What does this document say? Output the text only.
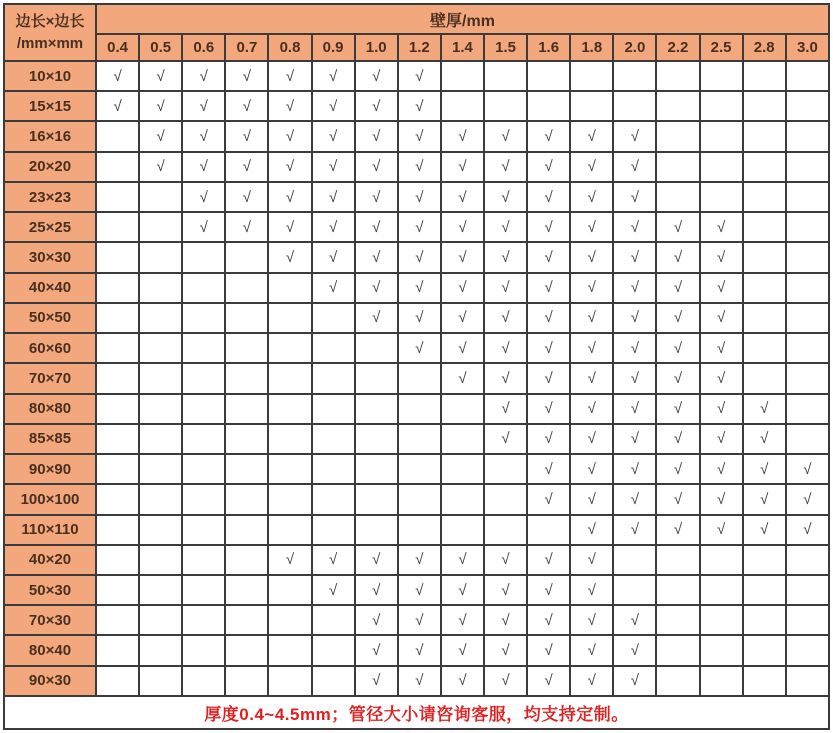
边长×边长
/mm×mm	壁厚/mm																
	0.4	0.5	0.6	0.7	0.8	0.9	1.0	1.2	1.4	1.5	1.6	1.8	2.0	2.2	2.5	2.8	3.0
10×10	√	√	√	√	√	√	√	√									
15×15	√	√	√	√	√	√	√	√									
16×16		√	√	√	√	√	√	√	√	√	√	√	√				
20×20		√	√	√	√	√	√	√	√	√	√	√	√				
23×23			√	√	√	√	√	√	√	√	√	√	√				
25×25			√	√	√	√	√	√	√	√	√	√	√	√	√		
30×30					√	√	√	√	√	√	√	√	√	√	√		
40×40						√	√	√	√	√	√	√	√	√	√		
50×50							√	√	√	√	√	√	√	√	√		
60×60								√	√	√	√	√	√	√	√		
70×70									√	√	√	√	√	√	√		
80×80										√	√	√	√	√	√	√	
85×85										√	√	√	√	√	√	√	
90×90											√	√	√	√	√	√	√
100×100											√	√	√	√	√	√	√
110×110												√	√	√	√	√	√
40×20					√	√	√	√	√	√	√	√					
50×30						√	√	√	√	√	√	√					
70×30							√	√	√	√	√	√	√				
80×40							√	√	√	√	√	√	√				
90×30							√	√	√	√	√	√	√				
厚度0.4~4.5mm；管径大小请咨询客服，均支持定制。																	
